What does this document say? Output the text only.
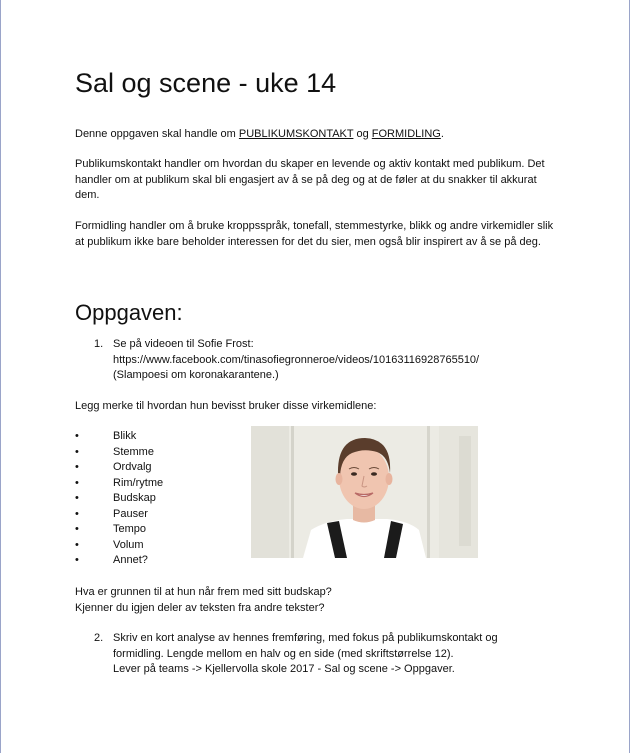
Sal og scene - uke 14

Denne oppgaven skal handle om PUBLIKUMSKONTAKT og FORMIDLING.

Publikumskontakt handler om hvordan du skaper en levende og aktiv kontakt med publikum. Det handler om at publikum skal bli engasjert av å se på deg og at de føler at du snakker til akkurat dem.

Formidling handler om å bruke kroppsspråk, tonefall, stemmestyrke, blikk og andre virkemidler slik at publikum ikke bare beholder interessen for det du sier, men også blir inspirert av å se på deg.

Oppgaven:
1. Se på videoen til Sofie Frost:
https://www.facebook.com/tinasofiegronneroe/videos/10163116928765510/
(Slampoesi om koronakarantene.)

Legg merke til hvordan hun bevisst bruker disse virkemidlene:

•	Blikk
•	Stemme
•	Ordvalg
•	Rim/rytme
•	Budskap
•	Pauser
•	Tempo
•	Volum
•	Annet?
Hva er grunnen til at hun når frem med sitt budskap?
Kjenner du igjen deler av teksten fra andre tekster?
2. Skriv en kort analyse av hennes fremføring, med fokus på publikumskontakt og
formidling. Lengde mellom en halv og en side (med skriftstørrelse 12).
Lever på teams -> Kjellervolla skole 2017 - Sal og scene -> Oppgaver.
